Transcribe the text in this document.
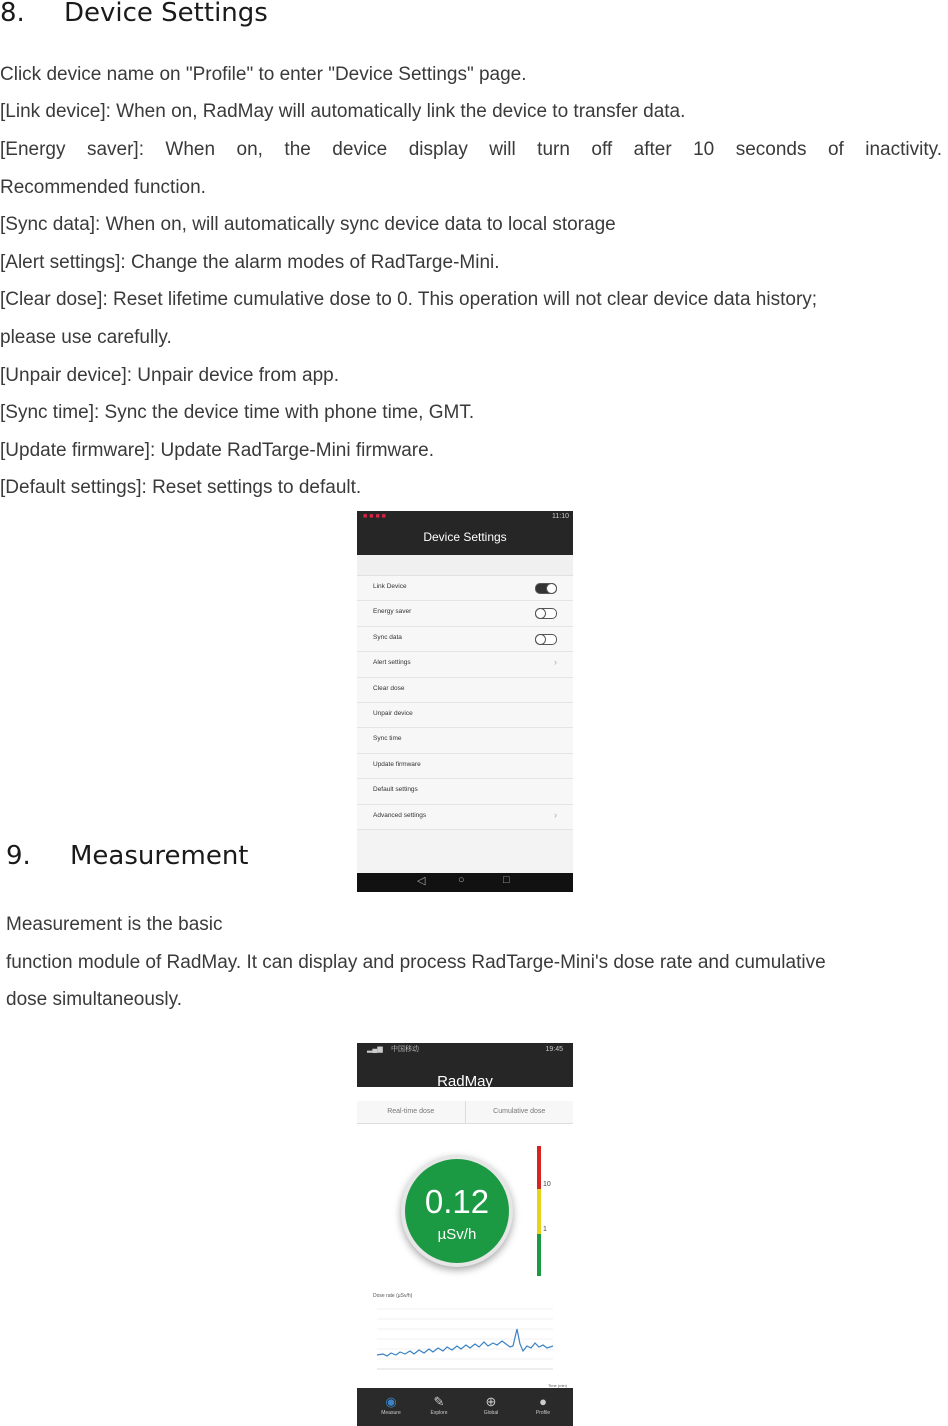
8. Device Settings
Click device name on "Profile" to enter "Device Settings" page.
[Link device]: When on, RadMay will automatically link the device to transfer data.
[Energy saver]: When on, the device display will turn off after 10 seconds of inactivity.
Recommended function.
[Sync data]: When on, will automatically sync device data to local storage
[Alert settings]: Change the alarm modes of RadTarge-Mini.
[Clear dose]: Reset lifetime cumulative dose to 0. This operation will not clear device data history;
please use carefully.
[Unpair device]: Unpair device from app.
[Sync time]: Sync the device time with phone time, GMT.
[Update firmware]: Update RadTarge-Mini firmware.
[Default settings]: Reset settings to default.
■■■■	11:10
Device Settings
Link Device
Energy saver
Sync data
Alert settings	›
Clear dose
Unpair device
Sync time
Update firmware
Default settings
Advanced settings	›
◁	○	□
9. Measurement
Measurement is the basic
function module of RadMay. It can display and process RadTarge-Mini's dose rate and cumulative
dose simultaneously.
▂▄▆ 中国移动	19:45
RadMay
Real-time dose	Cumulative dose
0.12
µSv/h
10
1
Dose rate (µSv/h)
Time (min)
◉
Measure
✎
Explore
⊕
Global
●
Profile
